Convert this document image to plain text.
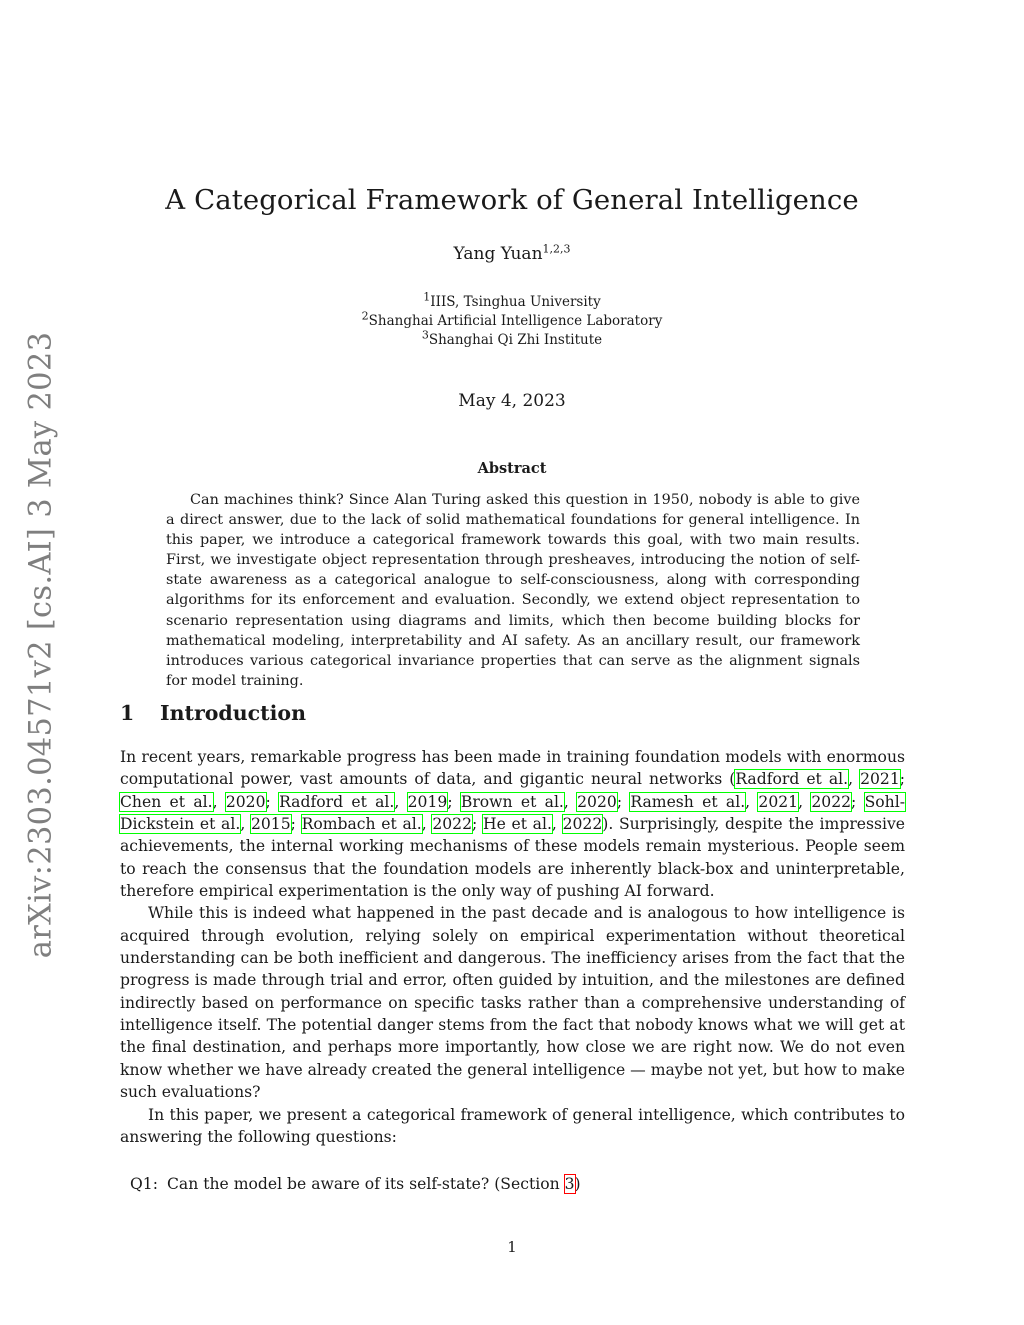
arXiv:2303.04571v2 [cs.AI] 3 May 2023
A Categorical Framework of General Intelligence
Yang Yuan$^{1,2,3}$
$^1$IIIS, Tsinghua University
$^2$Shanghai Artificial Intelligence Laboratory
$^3$Shanghai Qi Zhi Institute
May 4, 2023
Abstract

Can machines think? Since Alan Turing asked this question in 1950, nobody is able to give a direct answer, due to the lack of solid mathematical foundations for general intelligence. In this paper, we introduce a categorical framework towards this goal, with two main results. First, we investigate object representation through presheaves, introducing the notion of self-state awareness as a categorical analogue to self-consciousness, along with corresponding algorithms for its enforcement and evaluation. Secondly, we extend object representation to scenario representation using diagrams and limits, which then become building blocks for mathematical modeling, interpretability and AI safety. As an ancillary result, our framework introduces various categorical invariance properties that can serve as the alignment signals for model training.

1 Introduction

In recent years, remarkable progress has been made in training foundation models with enormous computational power, vast amounts of data, and gigantic neural networks (Radford et al., 2021; Chen et al., 2020; Radford et al., 2019; Brown et al., 2020; Ramesh et al., 2021, 2022; Sohl-Dickstein et al., 2015; Rombach et al., 2022; He et al., 2022). Surprisingly, despite the impressive achievements, the internal working mechanisms of these models remain mysterious. People seem to reach the consensus that the foundation models are inherently black-box and uninterpretable, therefore empirical experimentation is the only way of pushing AI forward.

While this is indeed what happened in the past decade and is analogous to how intelligence is acquired through evolution, relying solely on empirical experimentation without theoretical understanding can be both inefficient and dangerous. The inefficiency arises from the fact that the progress is made through trial and error, often guided by intuition, and the milestones are defined indirectly based on performance on specific tasks rather than a comprehensive understanding of intelligence itself. The potential danger stems from the fact that nobody knows what we will get at the final destination, and perhaps more importantly, how close we are right now. We do not even know whether we have already created the general intelligence — maybe not yet, but how to make such evaluations?

In this paper, we present a categorical framework of general intelligence, which contributes to answering the following questions:

Q1: Can the model be aware of its self-state? (Section 3)
1
